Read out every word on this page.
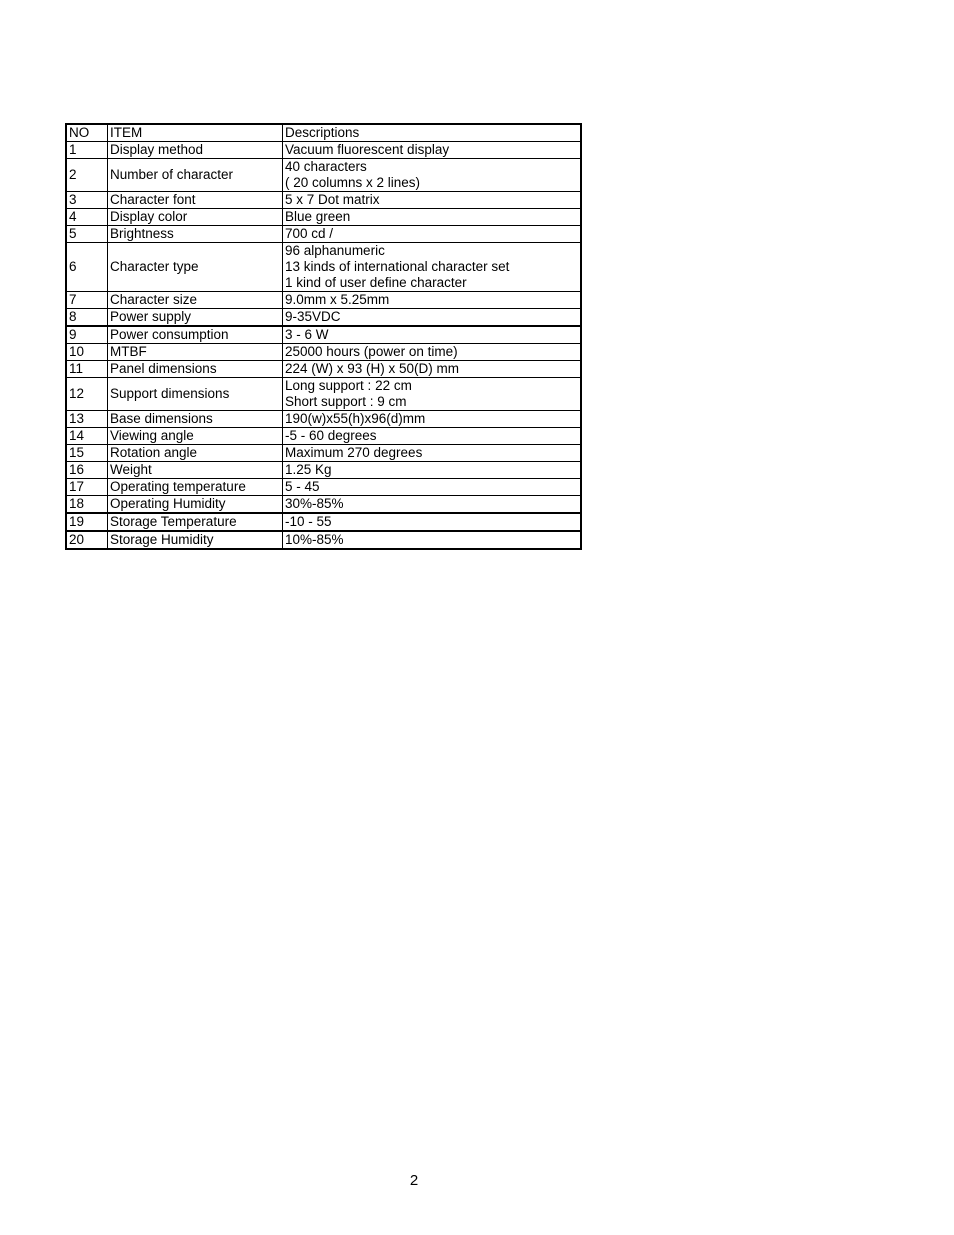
NO	ITEM	Descriptions
1	Display method	Vacuum fluorescent display

2	Number of character	40 characters
( 20 columns x 2 lines)

3	Character font	5 x 7 Dot matrix

4	Display color	Blue green

5	Brightness	700 cd /

6	Character type	96 alphanumeric
13 kinds of international character set
1 kind of user define character

7	Character size	9.0mm x 5.25mm

8	Power supply	9-35VDC

9	Power consumption	3 - 6 W

10	MTBF	25000 hours (power on time)

11	Panel dimensions	224 (W) x 93 (H) x 50(D) mm

12	Support dimensions	Long support : 22 cm
Short support : 9 cm

13	Base dimensions	190(w)x55(h)x96(d)mm

14	Viewing angle	-5 - 60 degrees

15	Rotation angle	Maximum 270 degrees

16	Weight	1.25 Kg

17	Operating temperature	5 - 45

18	Operating Humidity	30%-85%

19	Storage Temperature	-10 - 55

20	Storage Humidity	10%-85%
2
